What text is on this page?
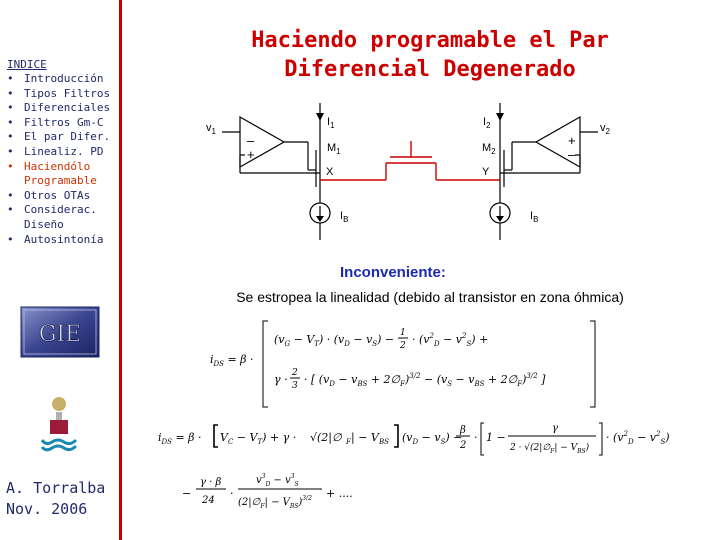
INDICE
• Introducción
• Tipos Filtros
• Diferenciales
• Filtros Gm-C
• El par Difer.
• Linealiz. PD
• Haciendólo Programable
• Otros OTAs
• Considerac. Diseño
• Autosintonía
GIE
A. Torralba
Nov. 2006
Haciendo programable el Par
Diferencial Degenerado
$v_1$	$v_2$
$I_1$	$I_2$
$M_1$	$M_2$
X	Y
$I_B$	$I_B$
–
+
+
–
Inconveniente:
Se estropea la linealidad (debido al transistor en zona óhmica)
$i_{DS} = \beta$ ·
$(v_G - V_T) \cdot (v_D - v_S) - 1$
$2 \cdot (v^2_D - v^2_S)$ +
γ · 2
3 · [ ($v_D - v_{BS}$ + $2\emptyset_F)^{3/2} - (v_S - v_{BS}$ + $2\emptyset_F)^{3/2}$ ]
$i_{DS} = \beta \cdot V_C - V_T) + \gamma$ · √(2|∅ F | − V BS $(v_D - v_S)$ −
β
2
· 1 −
γ
$2 \cdot √(2|\emptyset_F| - V_{BS})$
· $(v^2_D - v^2_S)$
−
γ · β
24
·
$v^3_D - v^3_S$
$(2|\emptyset_F| - V_{BS})^{3/2}$ + ....
